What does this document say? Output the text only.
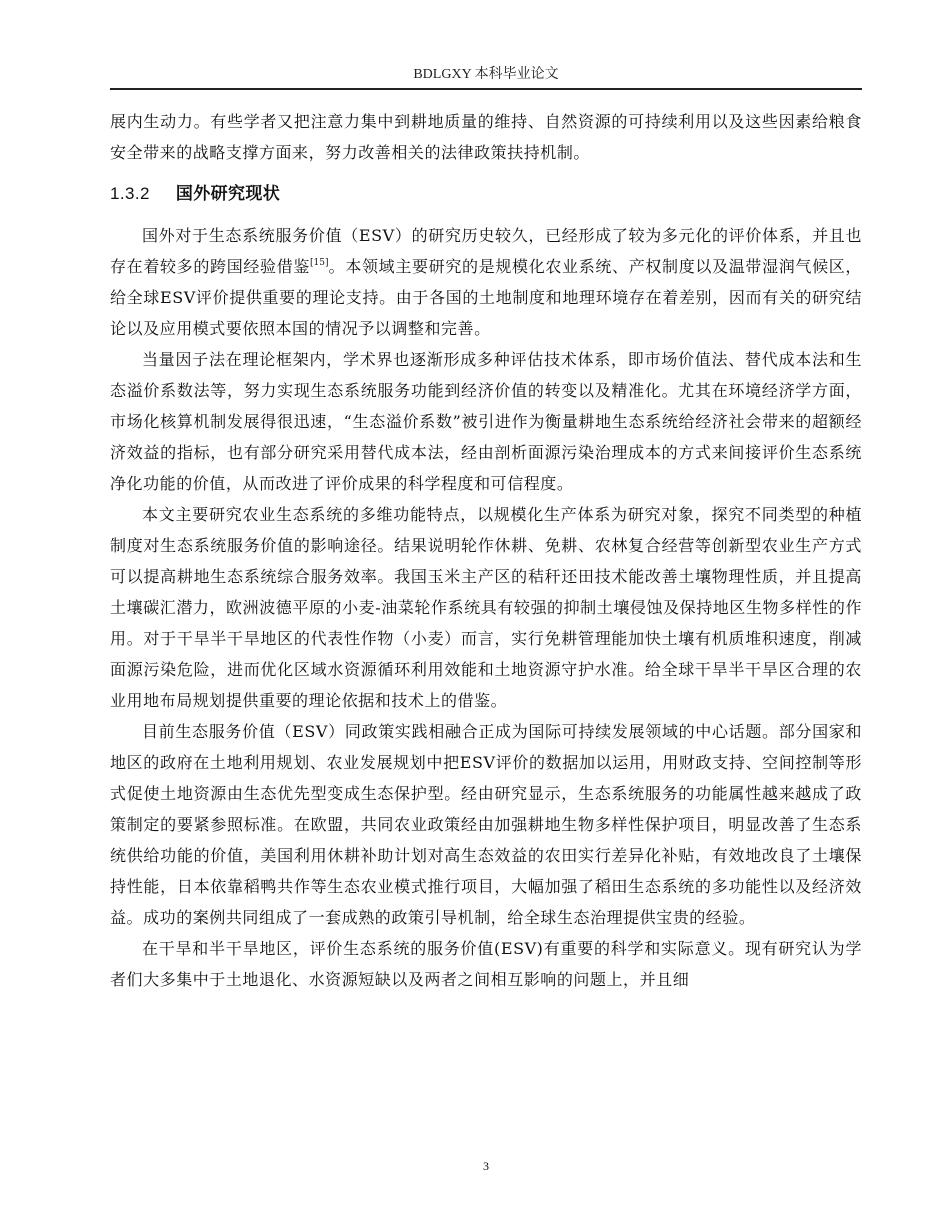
BDLGXY 本科毕业论文

展内生动力。有些学者又把注意力集中到耕地质量的维持、自然资源的可持续利用以及这些因素给粮食安全带来的战略支撑方面来，努力改善相关的法律政策扶持机制。

1.3.2 国外研究现状

国外对于生态系统服务价值（ESV）的研究历史较久，已经形成了较为多元化的评价体系，并且也存在着较多的跨国经验借鉴[15]。本领域主要研究的是规模化农业系统、产权制度以及温带湿润气候区，给全球ESV评价提供重要的理论支持。由于各国的土地制度和地理环境存在着差别，因而有关的研究结论以及应用模式要依照本国的情况予以调整和完善。

当量因子法在理论框架内，学术界也逐渐形成多种评估技术体系，即市场价值法、替代成本法和生态溢价系数法等，努力实现生态系统服务功能到经济价值的转变以及精准化。尤其在环境经济学方面，市场化核算机制发展得很迅速，“生态溢价系数”被引进作为衡量耕地生态系统给经济社会带来的超额经济效益的指标，也有部分研究采用替代成本法，经由剖析面源污染治理成本的方式来间接评价生态系统净化功能的价值，从而改进了评价成果的科学程度和可信程度。

本文主要研究农业生态系统的多维功能特点，以规模化生产体系为研究对象，探究不同类型的种植制度对生态系统服务价值的影响途径。结果说明轮作休耕、免耕、农林复合经营等创新型农业生产方式可以提高耕地生态系统综合服务效率。我国玉米主产区的秸秆还田技术能改善土壤物理性质，并且提高土壤碳汇潜力，欧洲波德平原的小麦-油菜轮作系统具有较强的抑制土壤侵蚀及保持地区生物多样性的作用。对于干旱半干旱地区的代表性作物（小麦）而言，实行免耕管理能加快土壤有机质堆积速度，削减面源污染危险，进而优化区域水资源循环利用效能和土地资源守护水准。给全球干旱半干旱区合理的农业用地布局规划提供重要的理论依据和技术上的借鉴。

目前生态服务价值（ESV）同政策实践相融合正成为国际可持续发展领域的中心话题。部分国家和地区的政府在土地利用规划、农业发展规划中把ESV评价的数据加以运用，用财政支持、空间控制等形式促使土地资源由生态优先型变成生态保护型。经由研究显示，生态系统服务的功能属性越来越成了政策制定的要紧参照标准。在欧盟，共同农业政策经由加强耕地生物多样性保护项目，明显改善了生态系统供给功能的价值，美国利用休耕补助计划对高生态效益的农田实行差异化补贴，有效地改良了土壤保持性能，日本依靠稻鸭共作等生态农业模式推行项目，大幅加强了稻田生态系统的多功能性以及经济效益。成功的案例共同组成了一套成熟的政策引导机制，给全球生态治理提供宝贵的经验。

在干旱和半干旱地区，评价生态系统的服务价值(ESV)有重要的科学和实际意义。现有研究认为学者们大多集中于土地退化、水资源短缺以及两者之间相互影响的问题上，并且细

3
